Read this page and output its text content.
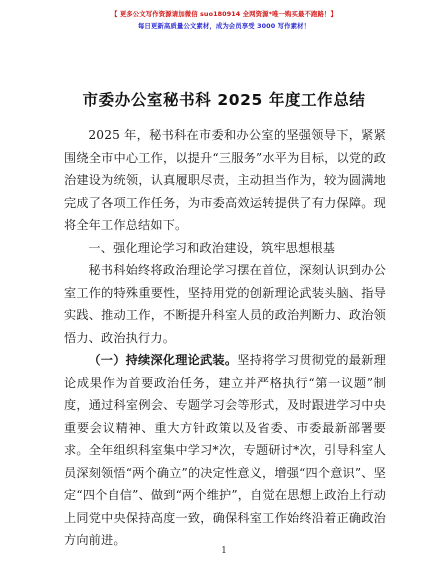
【 更多公文写作资源请加微信 suo180914 全网资源*唯一购买最不跑路！】
每日更新高质量公文素材，成为会员享受 3000 写作素材！
市委办公室秘书科 2025 年度工作总结

2025 年，秘书科在市委和办公室的坚强领导下，紧紧围绕全市中心工作，以提升“三服务”水平为目标，以党的政治建设为统领，认真履职尽责，主动担当作为，较为圆满地完成了各项工作任务，为市委高效运转提供了有力保障。现将全年工作总结如下。

一、强化理论学习和政治建设，筑牢思想根基

秘书科始终将政治理论学习摆在首位，深刻认识到办公室工作的特殊重要性，坚持用党的创新理论武装头脑、指导实践、推动工作，不断提升科室人员的政治判断力、政治领悟力、政治执行力。

（一）持续深化理论武装。坚持将学习贯彻党的最新理论成果作为首要政治任务，建立并严格执行“第一议题”制度，通过科室例会、专题学习会等形式，及时跟进学习中央重要会议精神、重大方针政策以及省委、市委最新部署要求。全年组织科室集中学习*次，专题研讨*次，引导科室人员深刻领悟“两个确立”的决定性意义，增强“四个意识”、坚定“四个自信”、做到“两个维护”，自觉在思想上政治上行动上同党中央保持高度一致，确保科室工作始终沿着正确政治方向前进。

1
